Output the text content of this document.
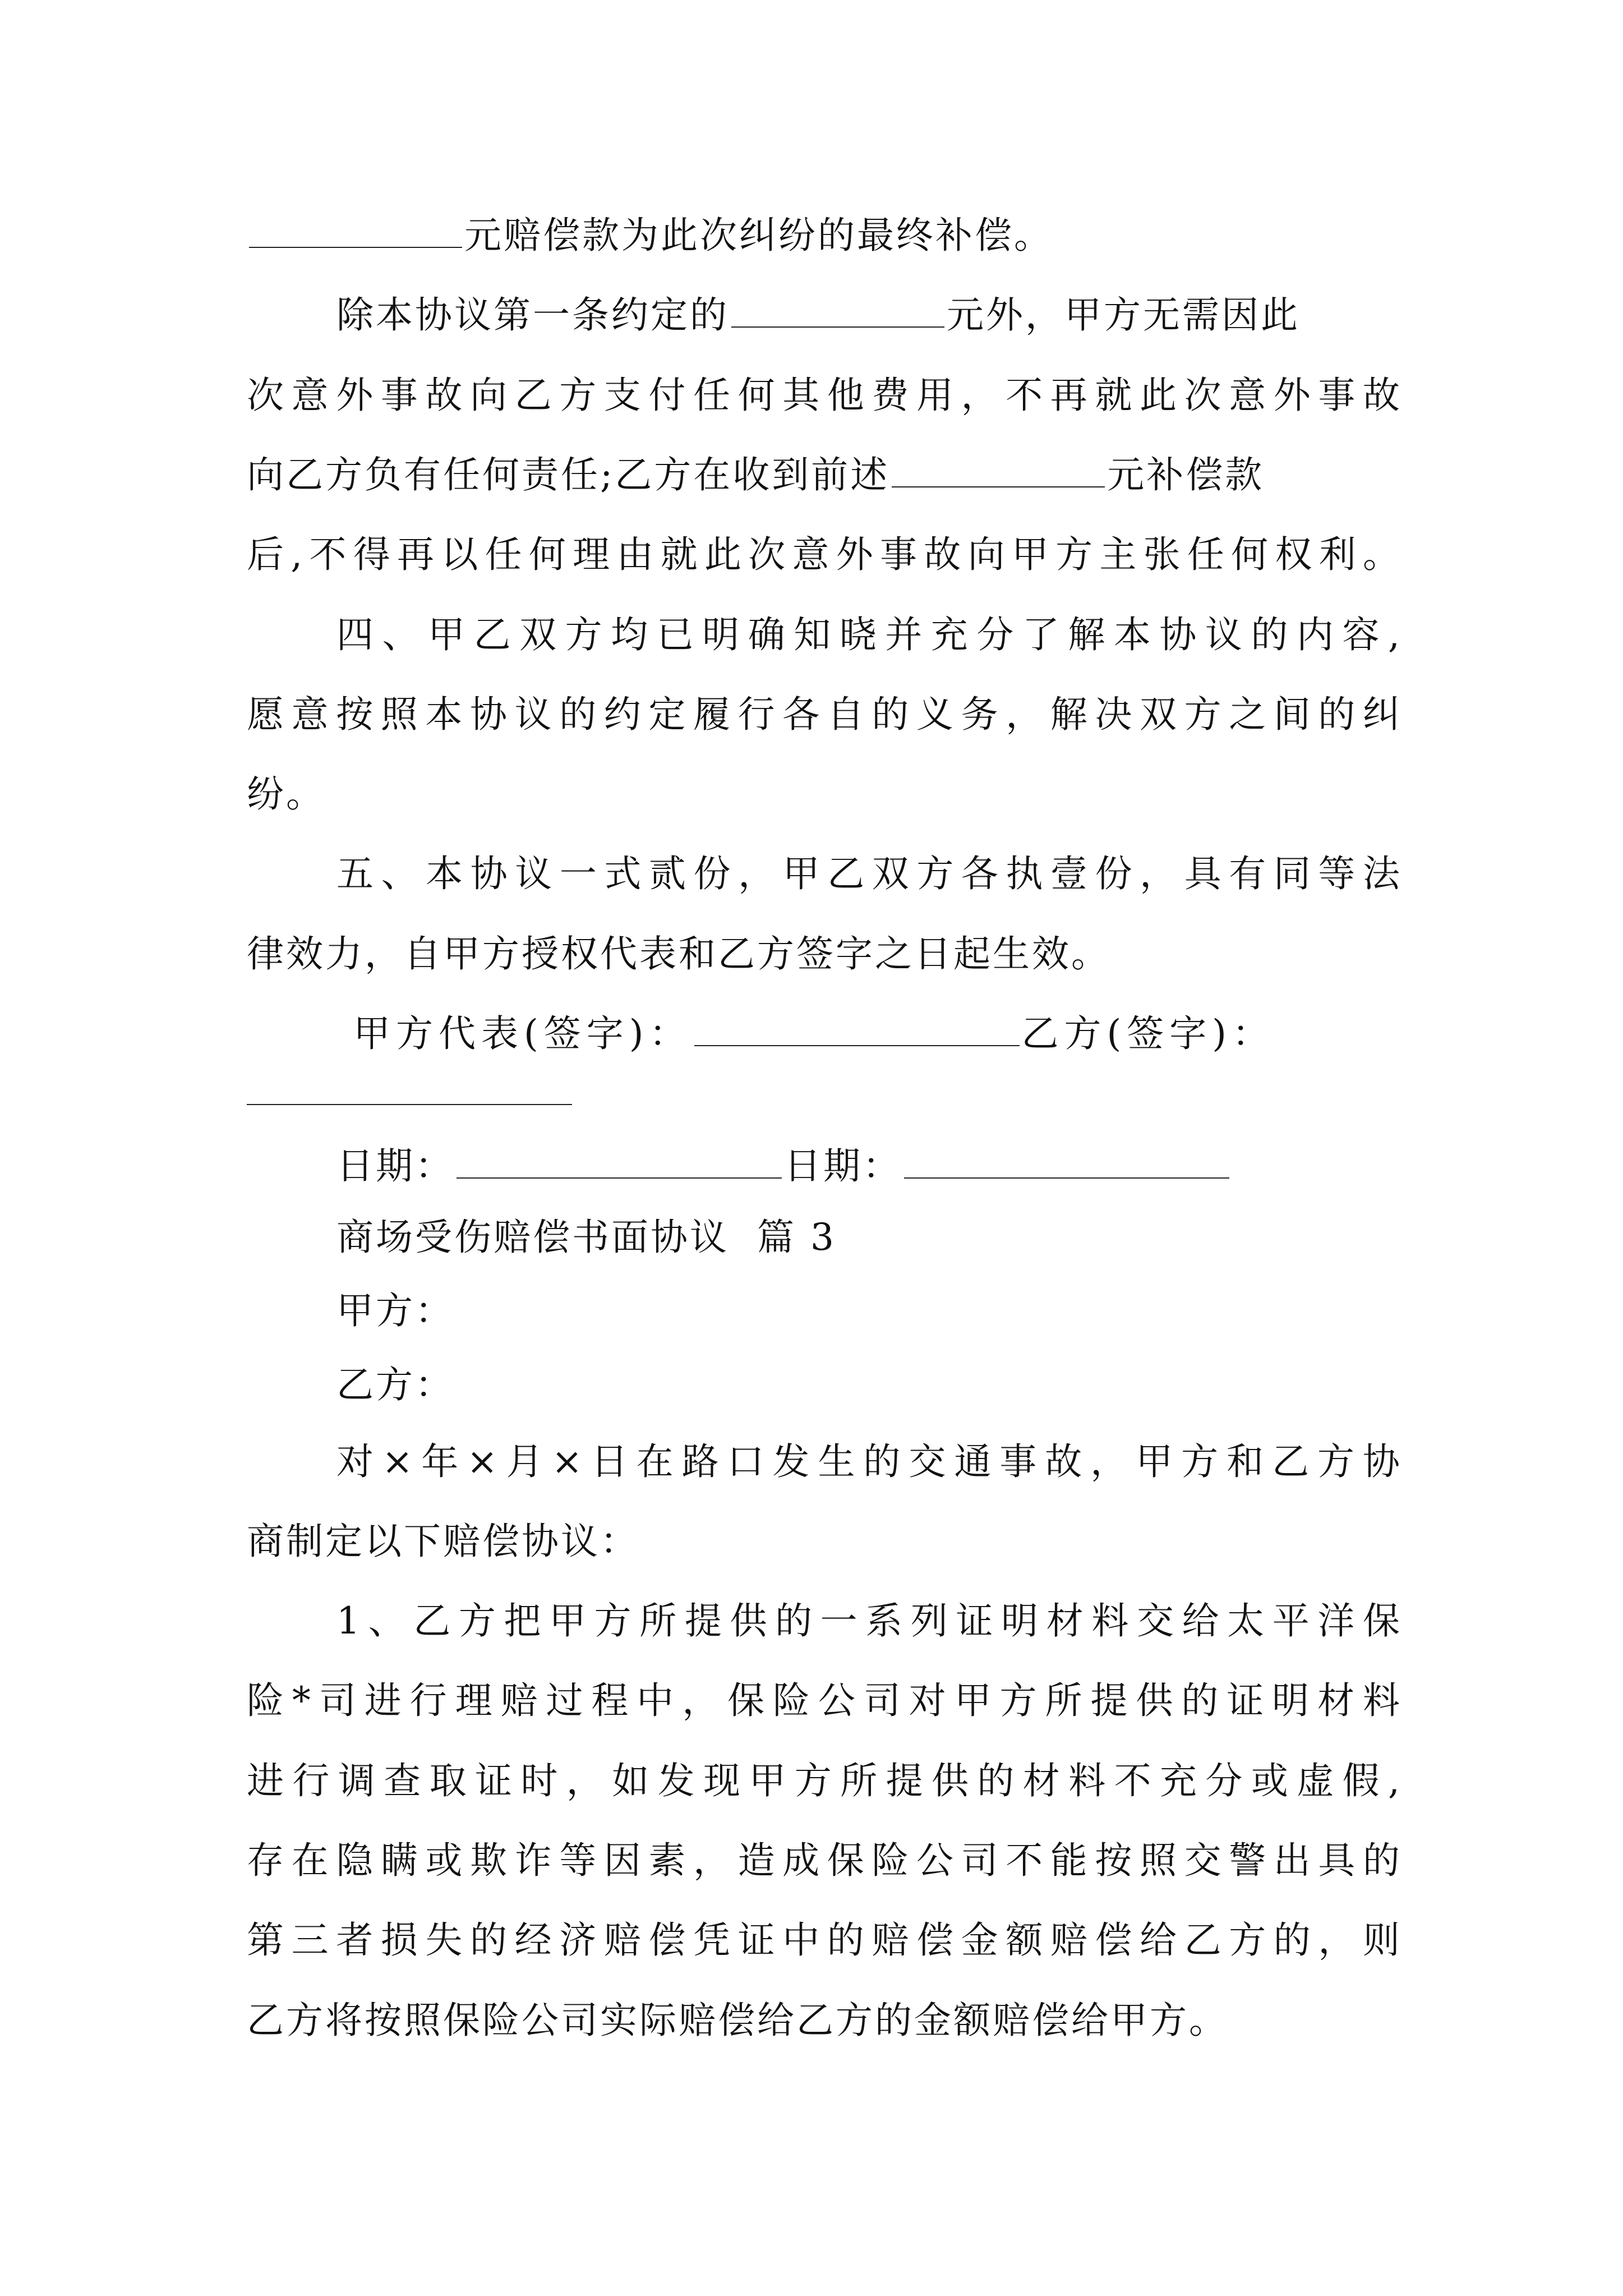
元赔偿款为此次纠纷的最终补偿。
除本协议第一条约定的	元外，甲方无需因此
次意外事故向乙方支付任何其他费用，不再就此次意外事故
向乙方负有任何责任;乙方在收到前述	元补偿款
后,不得再以任何理由就此次意外事故向甲方主张任何权利。
四、甲乙双方均已明确知晓并充分了解本协议的内容,
愿意按照本协议的约定履行各自的义务，解决双方之间的纠
纷。
五、本协议一式贰份，甲乙双方各执壹份，具有同等法
律效力，自甲方授权代表和乙方签字之日起生效。
甲方代表(签字)：	乙方(签字)：
日期：	日期：
商场受伤赔偿书面协议  篇 3
甲方：
乙方：
对×年×月×日在路口发生的交通事故，甲方和乙方协
商制定以下赔偿协议：
1、乙方把甲方所提供的一系列证明材料交给太平洋保
险*司进行理赔过程中，保险公司对甲方所提供的证明材料
进行调查取证时，如发现甲方所提供的材料不充分或虚假,
存在隐瞒或欺诈等因素，造成保险公司不能按照交警出具的
第三者损失的经济赔偿凭证中的赔偿金额赔偿给乙方的，则
乙方将按照保险公司实际赔偿给乙方的金额赔偿给甲方。
